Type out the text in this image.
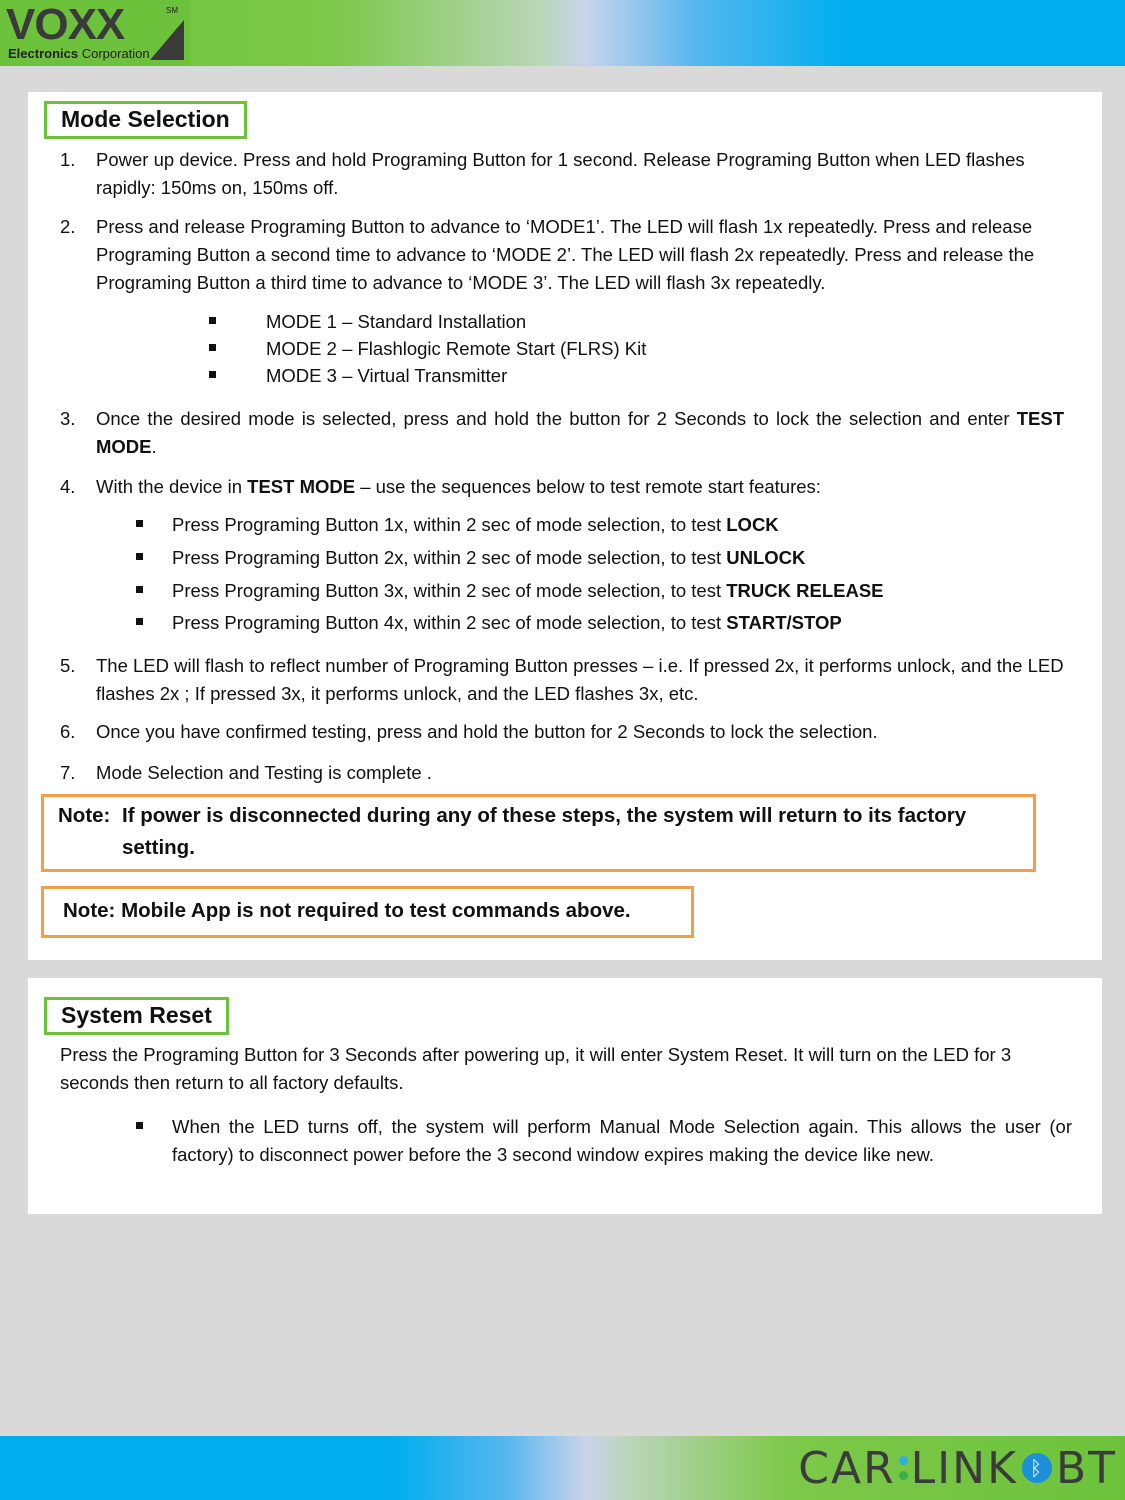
VOXX	SM
Electronics Corporation
Mode Selection
1. Power up device. Press and hold Programing Button for 1 second. Release Programing Button when LED flashes rapidly: 150ms on, 150ms off.
2. Press and release Programing Button to advance to ‘MODE1’. The LED will flash 1x repeatedly. Press and release Programing Button a second time to advance to ‘MODE 2’. The LED will flash 2x repeatedly. Press and release the Programing Button a third time to advance to ‘MODE 3’. The LED will flash 3x repeatedly.
MODE 1 – Standard Installation
MODE 2 – Flashlogic Remote Start (FLRS) Kit
MODE 3 – Virtual Transmitter
3. Once the desired mode is selected, press and hold the button for 2 Seconds to lock the selection and enter TEST MODE.
4. With the device in TEST MODE – use the sequences below to test remote start features:
Press Programing Button 1x, within 2 sec of mode selection, to test LOCK
Press Programing Button 2x, within 2 sec of mode selection, to test UNLOCK
Press Programing Button 3x, within 2 sec of mode selection, to test TRUCK RELEASE
Press Programing Button 4x, within 2 sec of mode selection, to test START/STOP
5. The LED will flash to reflect number of Programing Button presses – i.e. If pressed 2x, it performs unlock, and the LED flashes 2x ; If pressed 3x, it performs unlock, and the LED flashes 3x, etc.
6. Once you have confirmed testing, press and hold the button for 2 Seconds to lock the selection.
7. Mode Selection and Testing is complete .
Note: If power is disconnected during any of these steps, the system will return to its factory
setting.
Note: Mobile App is not required to test commands above.
System Reset
Press the Programing Button for 3 Seconds after powering up, it will enter System Reset. It will turn on the LED for 3 seconds then return to all factory defaults.
When the LED turns off, the system will perform Manual Mode Selection again. This allows the user (or factory) to disconnect power before the 3 second window expires making the device like new.
CAR LINK ᛒ BT
